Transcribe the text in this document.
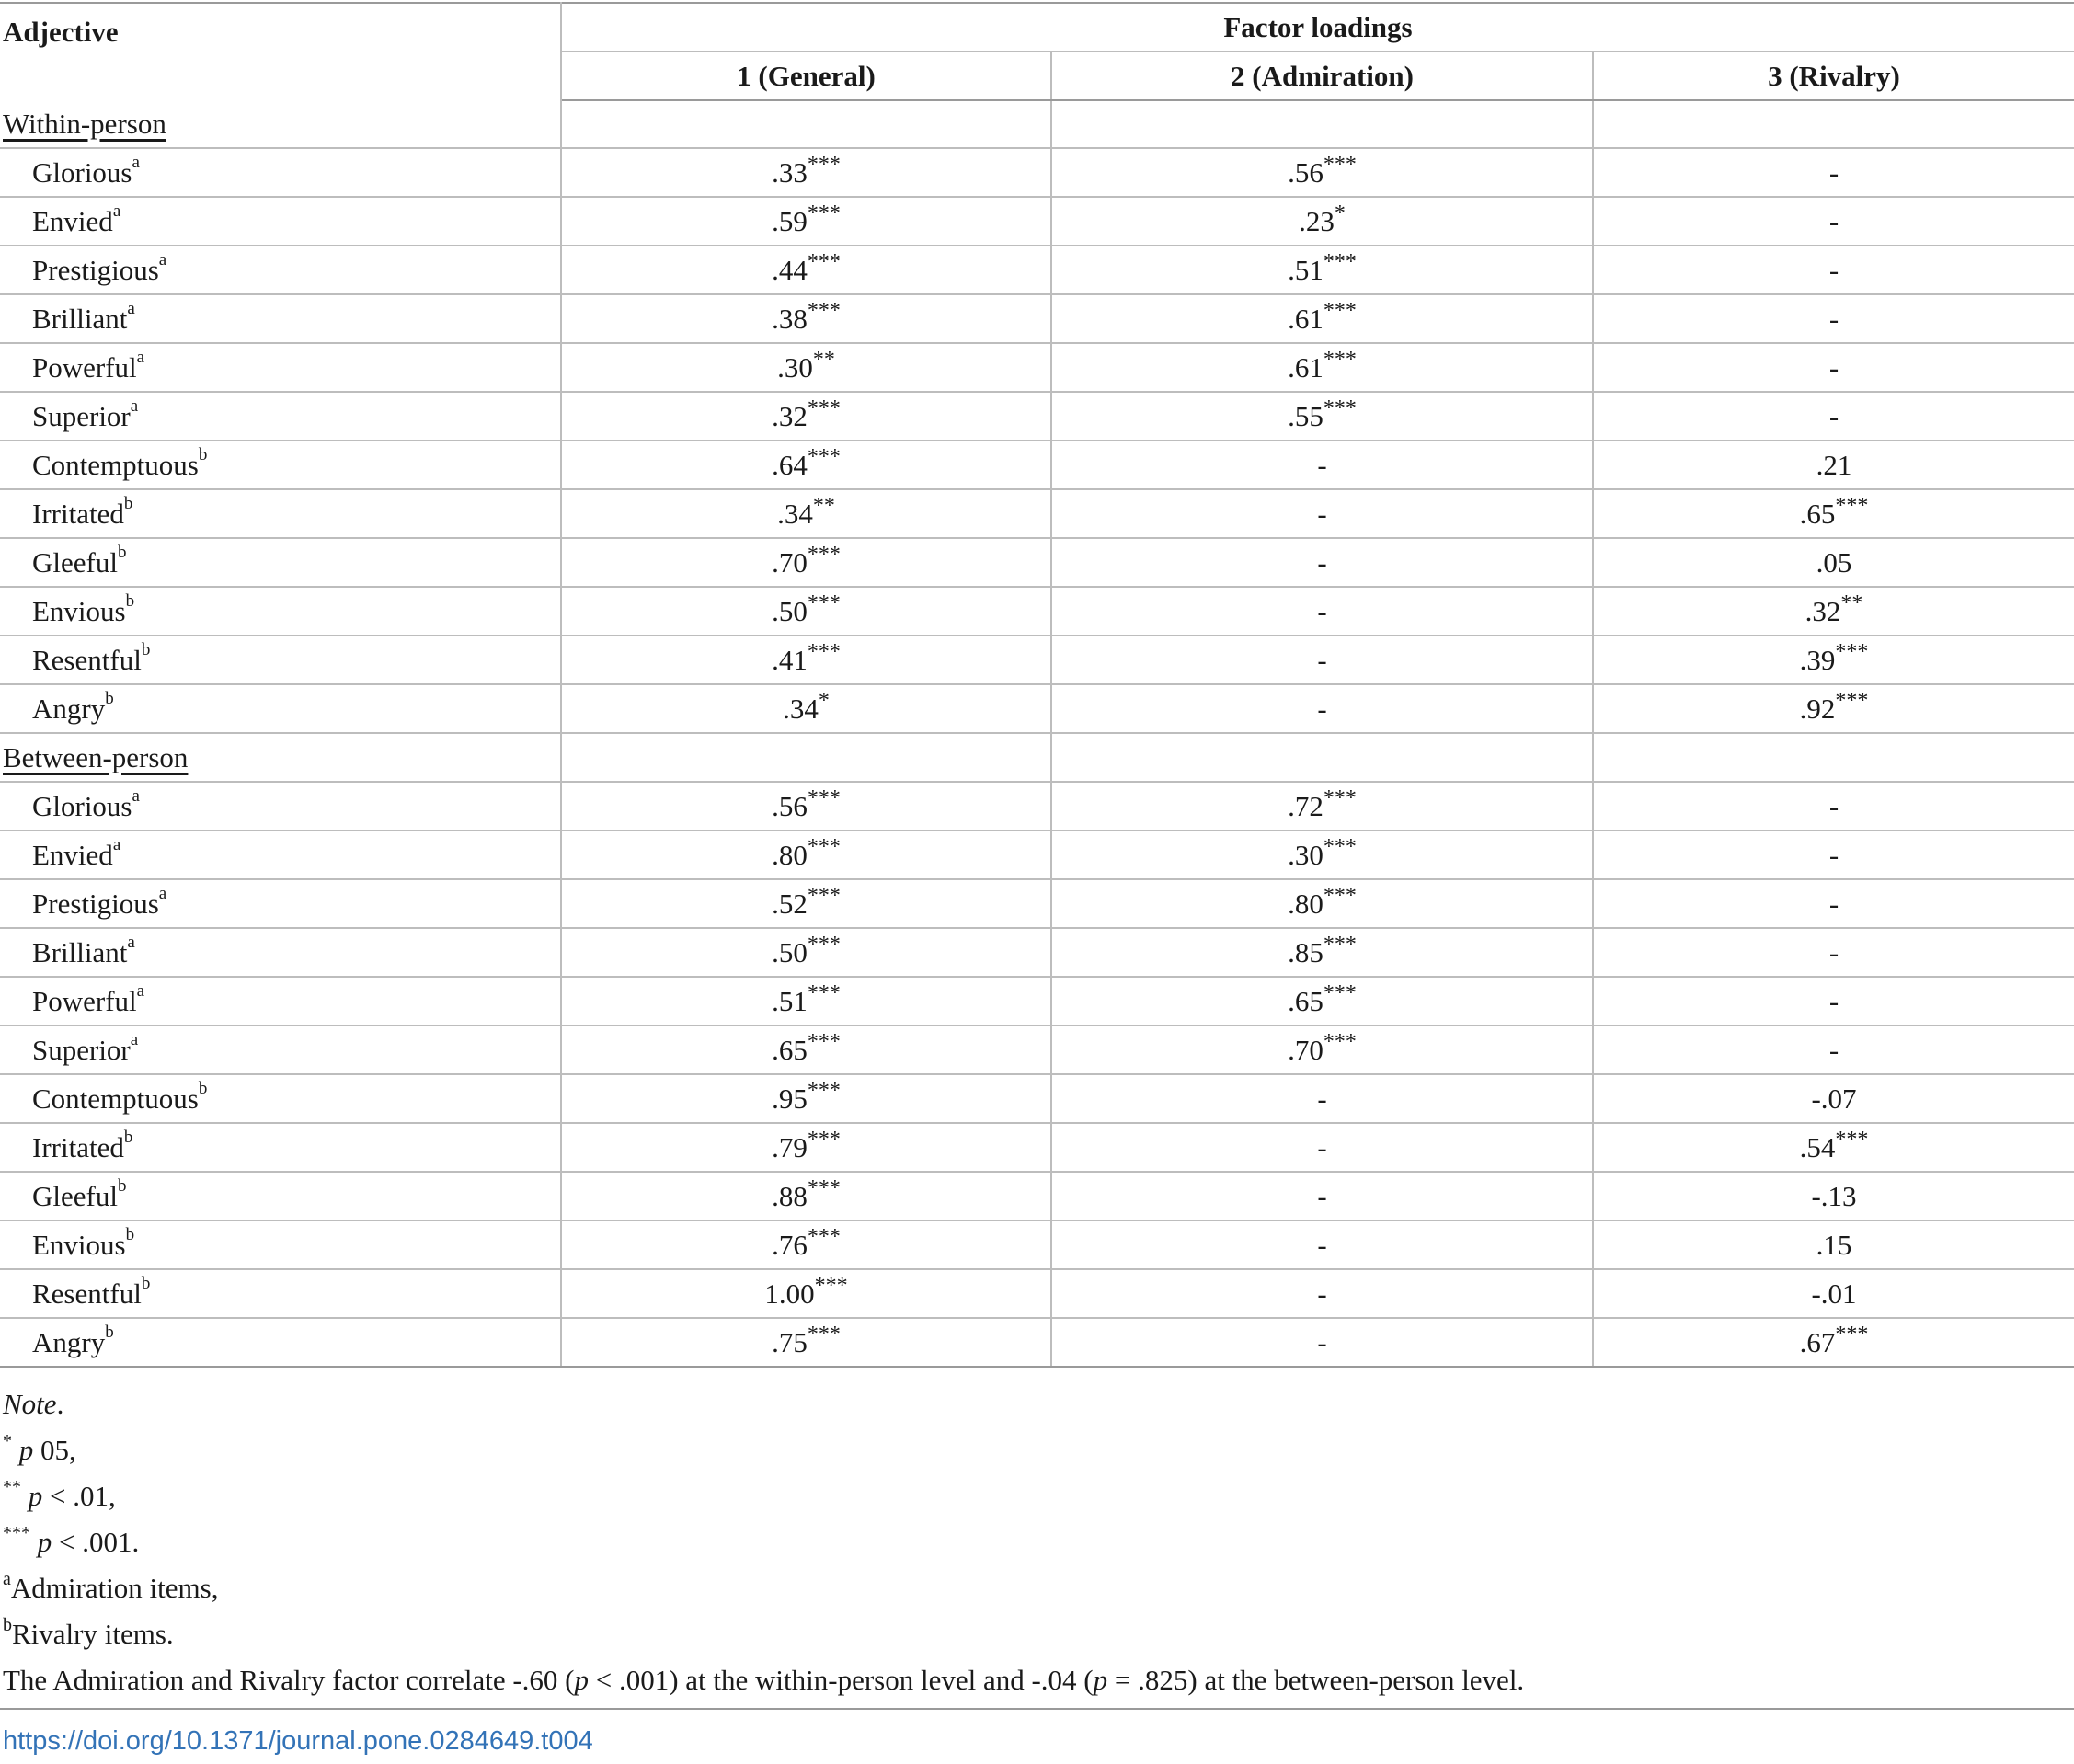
Adjective	Factor loadings		
	1 (General)	2 (Admiration)	3 (Rivalry)
Within-person			
Glorious$^a$	.33***	.56***	-
Envied$^a$	.59***	.23*	-
Prestigious$^a$	.44***	.51***	-
Brilliant$^a$	.38***	.61***	-
Powerful$^a$	.30**	.61***	-
Superior$^a$	.32***	.55***	-
Contemptuous$^b$	.64***	-	.21
Irritated$^b$	.34**	-	.65***
Gleeful$^b$	.70***	-	.05
Envious$^b$	.50***	-	.32**
Resentful$^b$	.41***	-	.39***
Angry$^b$	.34*	-	.92***
Between-person			
Glorious$^a$	.56***	.72***	-
Envied$^a$	.80***	.30***	-
Prestigious$^a$	.52***	.80***	-
Brilliant$^a$	.50***	.85***	-
Powerful$^a$	.51***	.65***	-
Superior$^a$	.65***	.70***	-
Contemptuous$^b$	.95***	-	-.07
Irritated$^b$	.79***	-	.54***
Gleeful$^b$	.88***	-	-.13
Envious$^b$	.76***	-	.15
Resentful$^b$	1.00***	-	-.01
Angry$^b$	.75***	-	.67***
Note.
* p 05,
** p < .01,
*** p < .001.
$^a$Admiration items,
$^b$Rivalry items.
The Admiration and Rivalry factor correlate -.60 (p < .001) at the within-person level and -.04 (p = .825) at the between-person level.
https://doi.org/10.1371/journal.pone.0284649.t004
